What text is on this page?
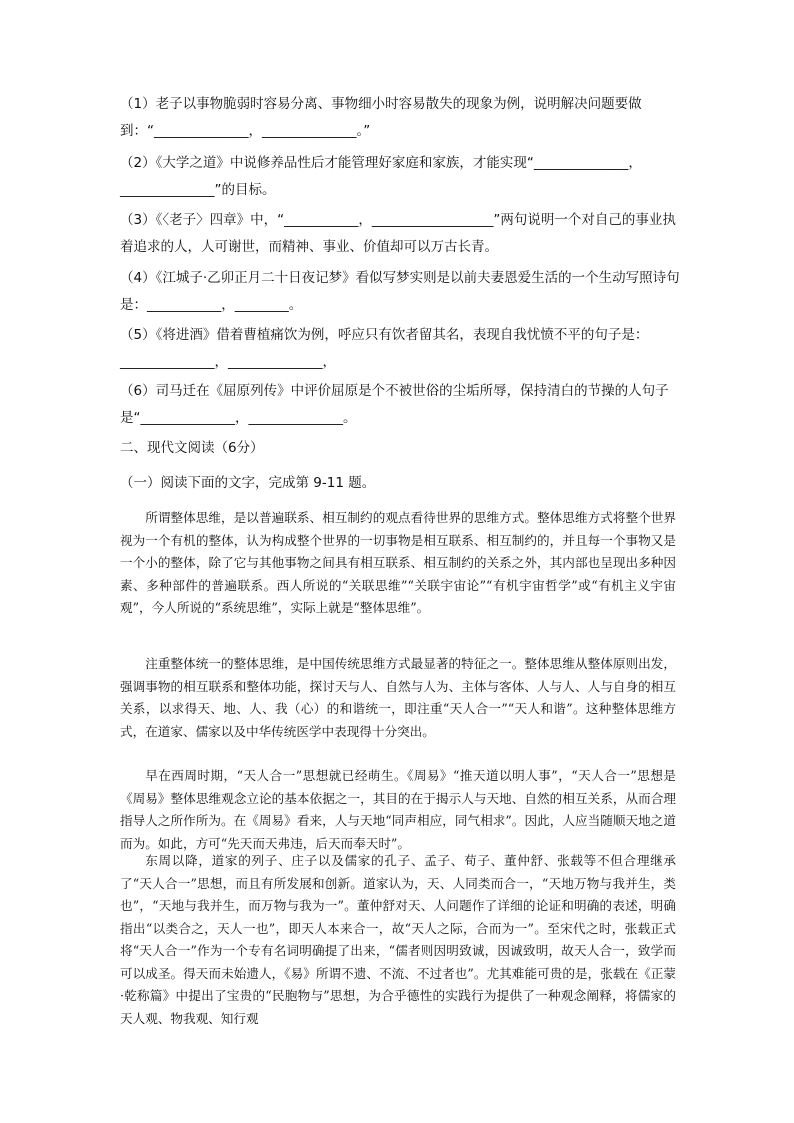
（1）老子以事物脆弱时容易分离、事物细小时容易散失的现象为例，说明解决问题要做到：“______________，______________。”

（2）《大学之道》中说修养品性后才能管理好家庭和家族，才能实现“______________，______________”的目标。

（3）《〈老子〉四章》中，“___________，__________________”两句说明一个对自己的事业执着追求的人，人可谢世，而精神、事业、价值却可以万古长青。

（4）《江城子·乙卯正月二十日夜记梦》看似写梦实则是以前夫妻恩爱生活的一个生动写照诗句是：___________，________。

（5）《将进酒》借着曹植痛饮为例，呼应只有饮者留其名，表现自我忧愤不平的句子是：______________，______________，

（6）司马迁在《屈原列传》中评价屈原是个不被世俗的尘垢所辱，保持清白的节操的人句子是“______________，______________。

二、现代文阅读（6分）

（一）阅读下面的文字，完成第 9-11 题。

所谓整体思维，是以普遍联系、相互制约的观点看待世界的思维方式。整体思维方式将整个世界视为一个有机的整体，认为构成整个世界的一切事物是相互联系、相互制约的，并且每一个事物又是一个小的整体，除了它与其他事物之间具有相互联系、相互制约的关系之外，其内部也呈现出多种因素、多种部件的普遍联系。西人所说的“关联思维”“关联宇宙论”“有机宇宙哲学”或“有机主义宇宙观”，今人所说的“系统思维”，实际上就是“整体思维”。

注重整体统一的整体思维，是中国传统思维方式最显著的特征之一。整体思维从整体原则出发，强调事物的相互联系和整体功能，探讨天与人、自然与人为、主体与客体、人与人、人与自身的相互关系，以求得天、地、人、我（心）的和谐统一，即注重“天人合一”“天人和谐”。这种整体思维方式，在道家、儒家以及中华传统医学中表现得十分突出。

早在西周时期，“天人合一”思想就已经萌生。《周易》“推天道以明人事”，“天人合一”思想是《周易》整体思维观念立论的基本依据之一，其目的在于揭示人与天地、自然的相互关系，从而合理指导人之所作所为。在《周易》看来，人与天地“同声相应，同气相求”。因此，人应当随顺天地之道而为。如此，方可“先天而天弗违，后天而奉天时”。

东周以降，道家的列子、庄子以及儒家的孔子、孟子、荀子、董仲舒、张载等不但合理继承了“天人合一”思想，而且有所发展和创新。道家认为，天、人同类而合一，“天地万物与我并生，类也”，“天地与我并生，而万物与我为一”。董仲舒对天、人问题作了详细的论证和明确的表述，明确指出“以类合之，天人一也”，即天人本来合一，故“天人之际，合而为一”。至宋代之时，张载正式将“天人合一”作为一个专有名词明确提了出来，“儒者则因明致诚，因诚致明，故天人合一，致学而可以成圣。得天而未始遗人，《易》所谓不遗、不流、不过者也”。尤其难能可贵的是，张载在《正蒙·乾称篇》中提出了宝贵的“民胞物与”思想，为合乎德性的实践行为提供了一种观念阐释，将儒家的天人观、物我观、知行观
